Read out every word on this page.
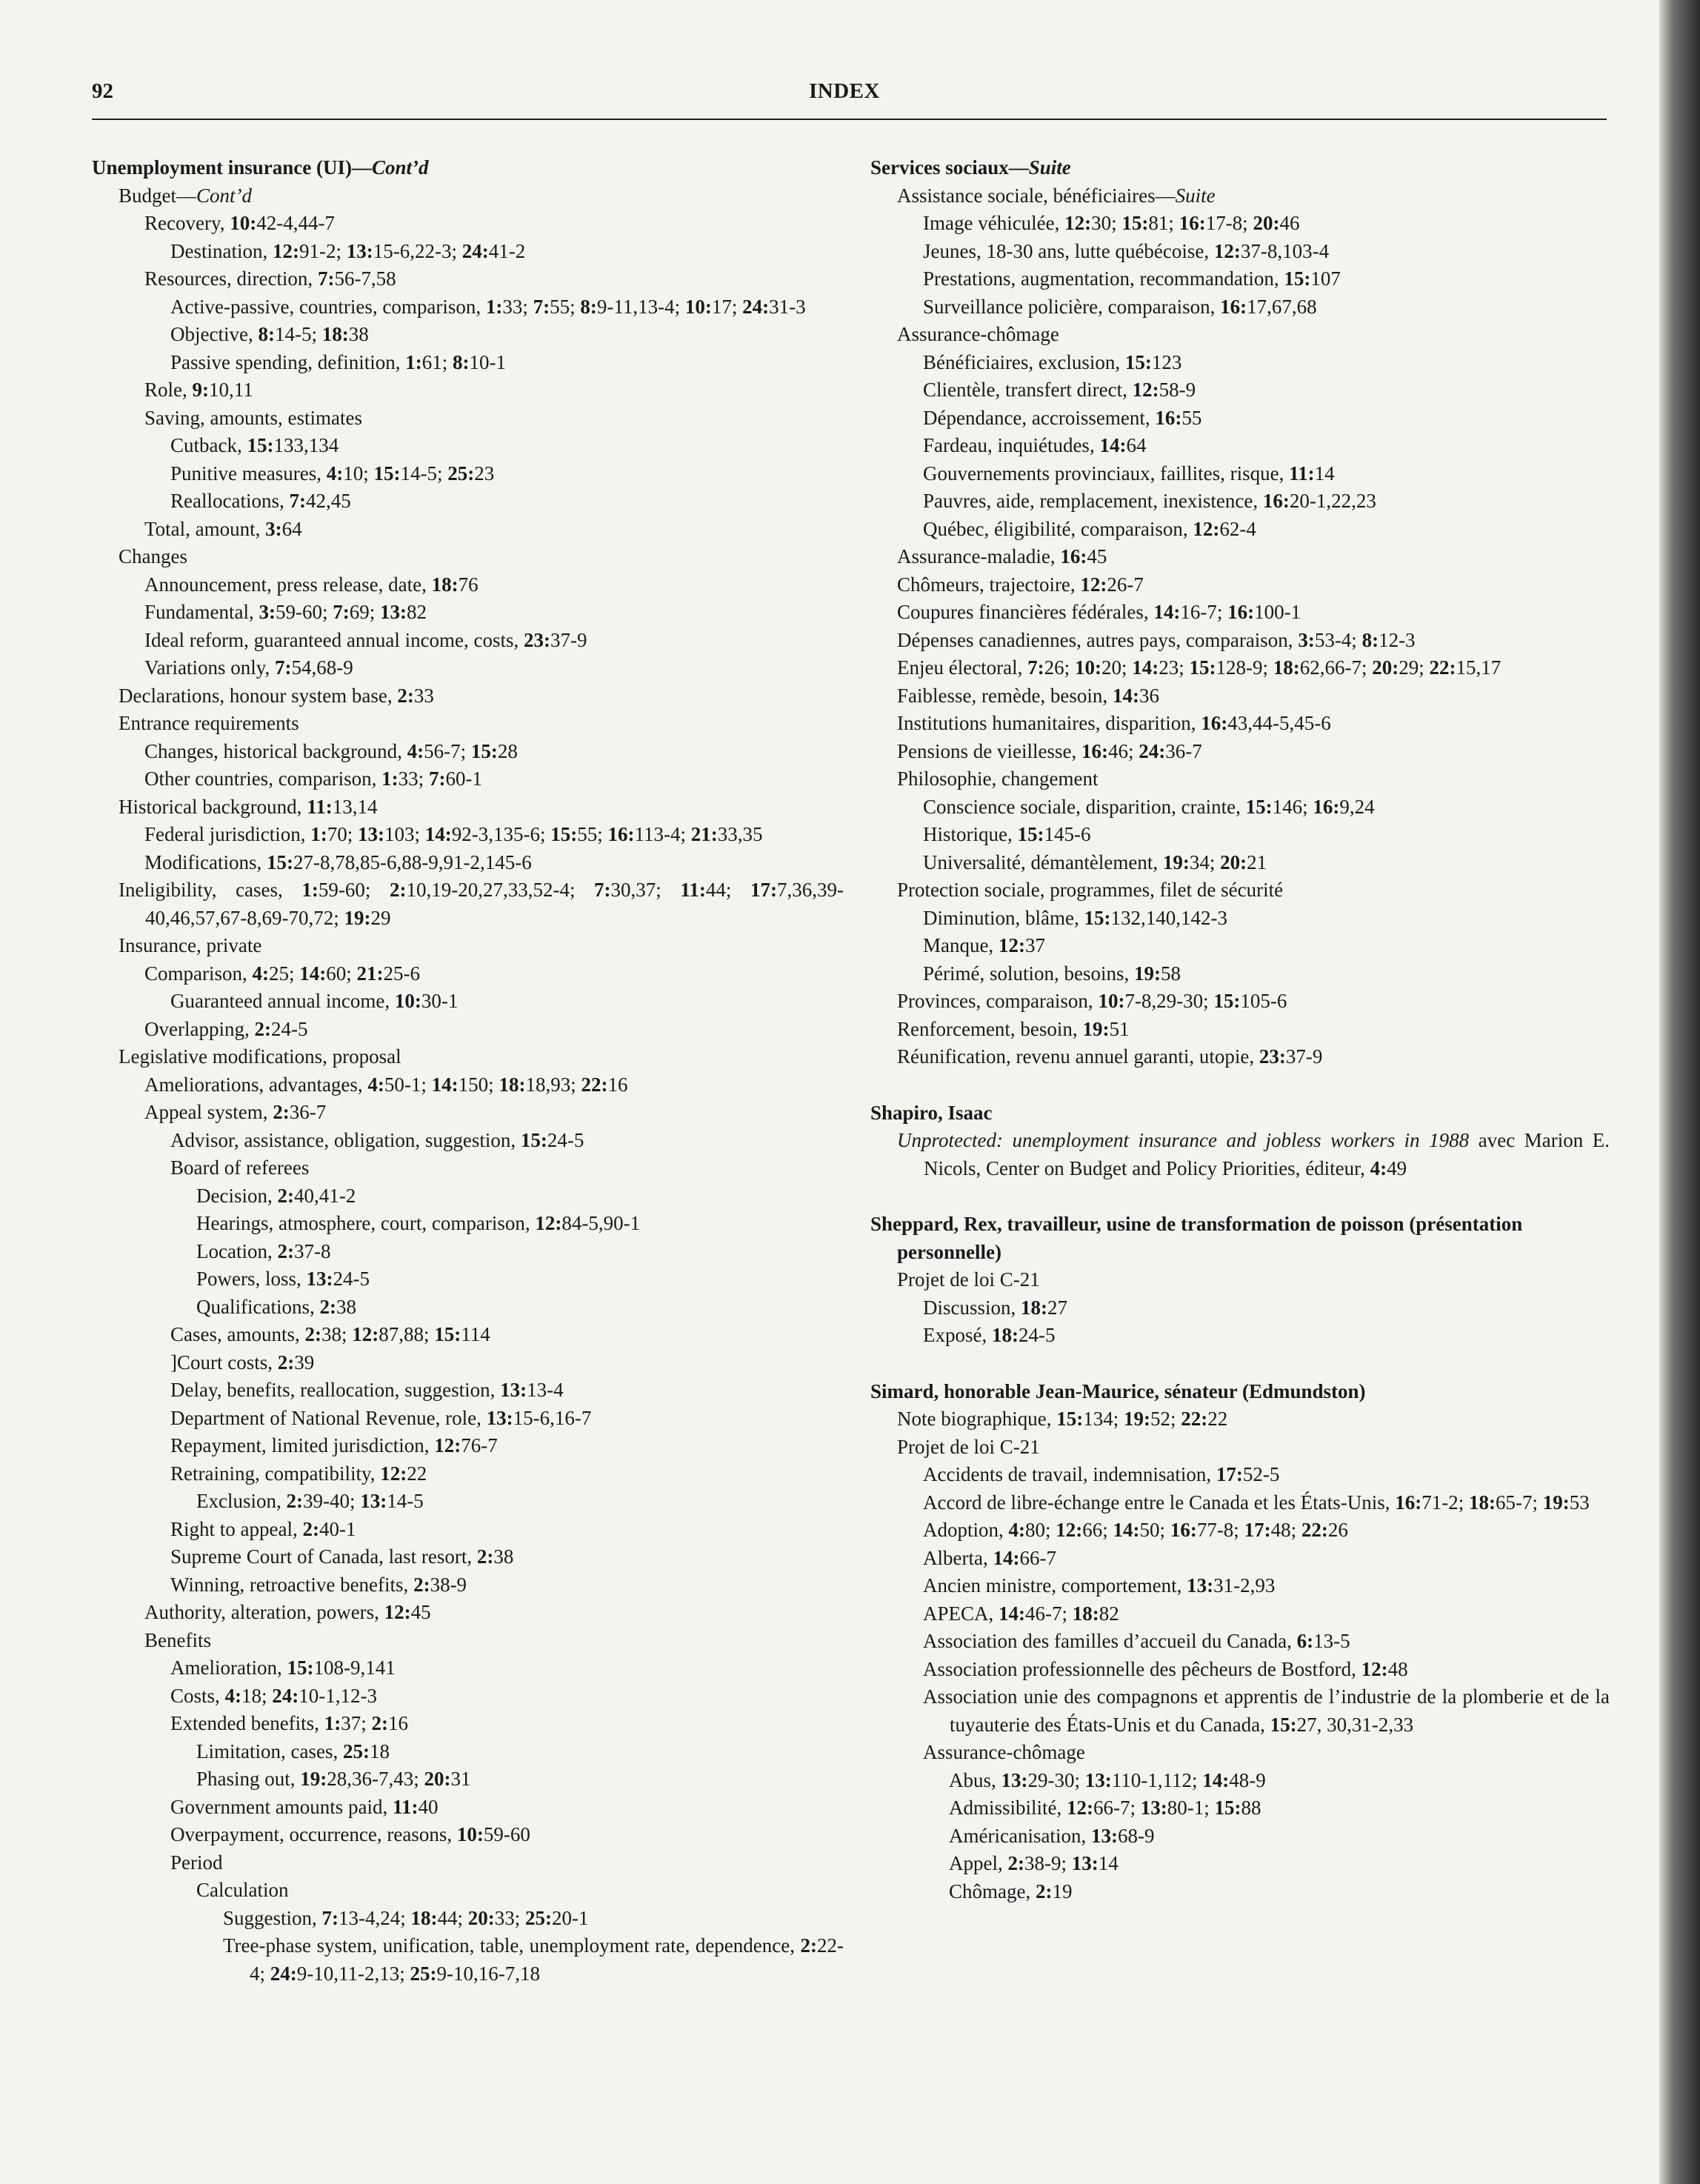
92	INDEX
Unemployment insurance (UI)—Cont’d
Budget—Cont’d
Recovery, 10:42-4,44-7
Destination, 12:91-2; 13:15-6,22-3; 24:41-2
Resources, direction, 7:56-7,58
Active-passive, countries, comparison, 1:33; 7:55; 8:9-11,13-4; 10:17; 24:31-3
Objective, 8:14-5; 18:38
Passive spending, definition, 1:61; 8:10-1
Role, 9:10,11
Saving, amounts, estimates
Cutback, 15:133,134
Punitive measures, 4:10; 15:14-5; 25:23
Reallocations, 7:42,45
Total, amount, 3:64
Changes
Announcement, press release, date, 18:76
Fundamental, 3:59-60; 7:69; 13:82
Ideal reform, guaranteed annual income, costs, 23:37-9
Variations only, 7:54,68-9
Declarations, honour system base, 2:33
Entrance requirements
Changes, historical background, 4:56-7; 15:28
Other countries, comparison, 1:33; 7:60-1
Historical background, 11:13,14
Federal jurisdiction, 1:70; 13:103; 14:92-3,135-6; 15:55; 16:113-4; 21:33,35
Modifications, 15:27-8,78,85-6,88-9,91-2,145-6
Ineligibility, cases, 1:59-60; 2:10,19-20,27,33,52-4; 7:30,37; 11:44; 17:7,36,39-40,46,57,67-8,69-70,72; 19:29
Insurance, private
Comparison, 4:25; 14:60; 21:25-6
Guaranteed annual income, 10:30-1
Overlapping, 2:24-5
Legislative modifications, proposal
Ameliorations, advantages, 4:50-1; 14:150; 18:18,93; 22:16
Appeal system, 2:36-7
Advisor, assistance, obligation, suggestion, 15:24-5
Board of referees
Decision, 2:40,41-2
Hearings, atmosphere, court, comparison, 12:84-5,90-1
Location, 2:37-8
Powers, loss, 13:24-5
Qualifications, 2:38
Cases, amounts, 2:38; 12:87,88; 15:114
]Court costs, 2:39
Delay, benefits, reallocation, suggestion, 13:13-4
Department of National Revenue, role, 13:15-6,16-7
Repayment, limited jurisdiction, 12:76-7
Retraining, compatibility, 12:22
Exclusion, 2:39-40; 13:14-5
Right to appeal, 2:40-1
Supreme Court of Canada, last resort, 2:38
Winning, retroactive benefits, 2:38-9
Authority, alteration, powers, 12:45
Benefits
Amelioration, 15:108-9,141
Costs, 4:18; 24:10-1,12-3
Extended benefits, 1:37; 2:16
Limitation, cases, 25:18
Phasing out, 19:28,36-7,43; 20:31
Government amounts paid, 11:40
Overpayment, occurrence, reasons, 10:59-60
Period
Calculation
Suggestion, 7:13-4,24; 18:44; 20:33; 25:20-1
Tree-phase system, unification, table, unemployment rate, dependence, 2:22-4; 24:9-10,11-2,13; 25:9-10,16-7,18
Services sociaux—Suite
Assistance sociale, bénéficiaires—Suite
Image véhiculée, 12:30; 15:81; 16:17-8; 20:46
Jeunes, 18-30 ans, lutte québécoise, 12:37-8,103-4
Prestations, augmentation, recommandation, 15:107
Surveillance policière, comparaison, 16:17,67,68
Assurance-chômage
Bénéficiaires, exclusion, 15:123
Clientèle, transfert direct, 12:58-9
Dépendance, accroissement, 16:55
Fardeau, inquiétudes, 14:64
Gouvernements provinciaux, faillites, risque, 11:14
Pauvres, aide, remplacement, inexistence, 16:20-1,22,23
Québec, éligibilité, comparaison, 12:62-4
Assurance-maladie, 16:45
Chômeurs, trajectoire, 12:26-7
Coupures financières fédérales, 14:16-7; 16:100-1
Dépenses canadiennes, autres pays, comparaison, 3:53-4; 8:12-3
Enjeu électoral, 7:26; 10:20; 14:23; 15:128-9; 18:62,66-7; 20:29; 22:15,17
Faiblesse, remède, besoin, 14:36
Institutions humanitaires, disparition, 16:43,44-5,45-6
Pensions de vieillesse, 16:46; 24:36-7
Philosophie, changement
Conscience sociale, disparition, crainte, 15:146; 16:9,24
Historique, 15:145-6
Universalité, démantèlement, 19:34; 20:21
Protection sociale, programmes, filet de sécurité
Diminution, blâme, 15:132,140,142-3
Manque, 12:37
Périmé, solution, besoins, 19:58
Provinces, comparaison, 10:7-8,29-30; 15:105-6
Renforcement, besoin, 19:51
Réunification, revenu annuel garanti, utopie, 23:37-9
Shapiro, Isaac
Unprotected: unemployment insurance and jobless workers in 1988 avec Marion E. Nicols, Center on Budget and Policy Priorities, éditeur, 4:49
Sheppard, Rex, travailleur, usine de transformation de poisson (présentation personnelle)
Projet de loi C-21
Discussion, 18:27
Exposé, 18:24-5
Simard, honorable Jean-Maurice, sénateur (Edmundston)
Note biographique, 15:134; 19:52; 22:22
Projet de loi C-21
Accidents de travail, indemnisation, 17:52-5
Accord de libre-échange entre le Canada et les États-Unis, 16:71-2; 18:65-7; 19:53
Adoption, 4:80; 12:66; 14:50; 16:77-8; 17:48; 22:26
Alberta, 14:66-7
Ancien ministre, comportement, 13:31-2,93
APECA, 14:46-7; 18:82
Association des familles d’accueil du Canada, 6:13-5
Association professionnelle des pêcheurs de Bostford, 12:48
Association unie des compagnons et apprentis de l’industrie de la plomberie et de la tuyauterie des États-Unis et du Canada, 15:27, 30,31-2,33
Assurance-chômage
Abus, 13:29-30; 13:110-1,112; 14:48-9
Admissibilité, 12:66-7; 13:80-1; 15:88
Américanisation, 13:68-9
Appel, 2:38-9; 13:14
Chômage, 2:19
